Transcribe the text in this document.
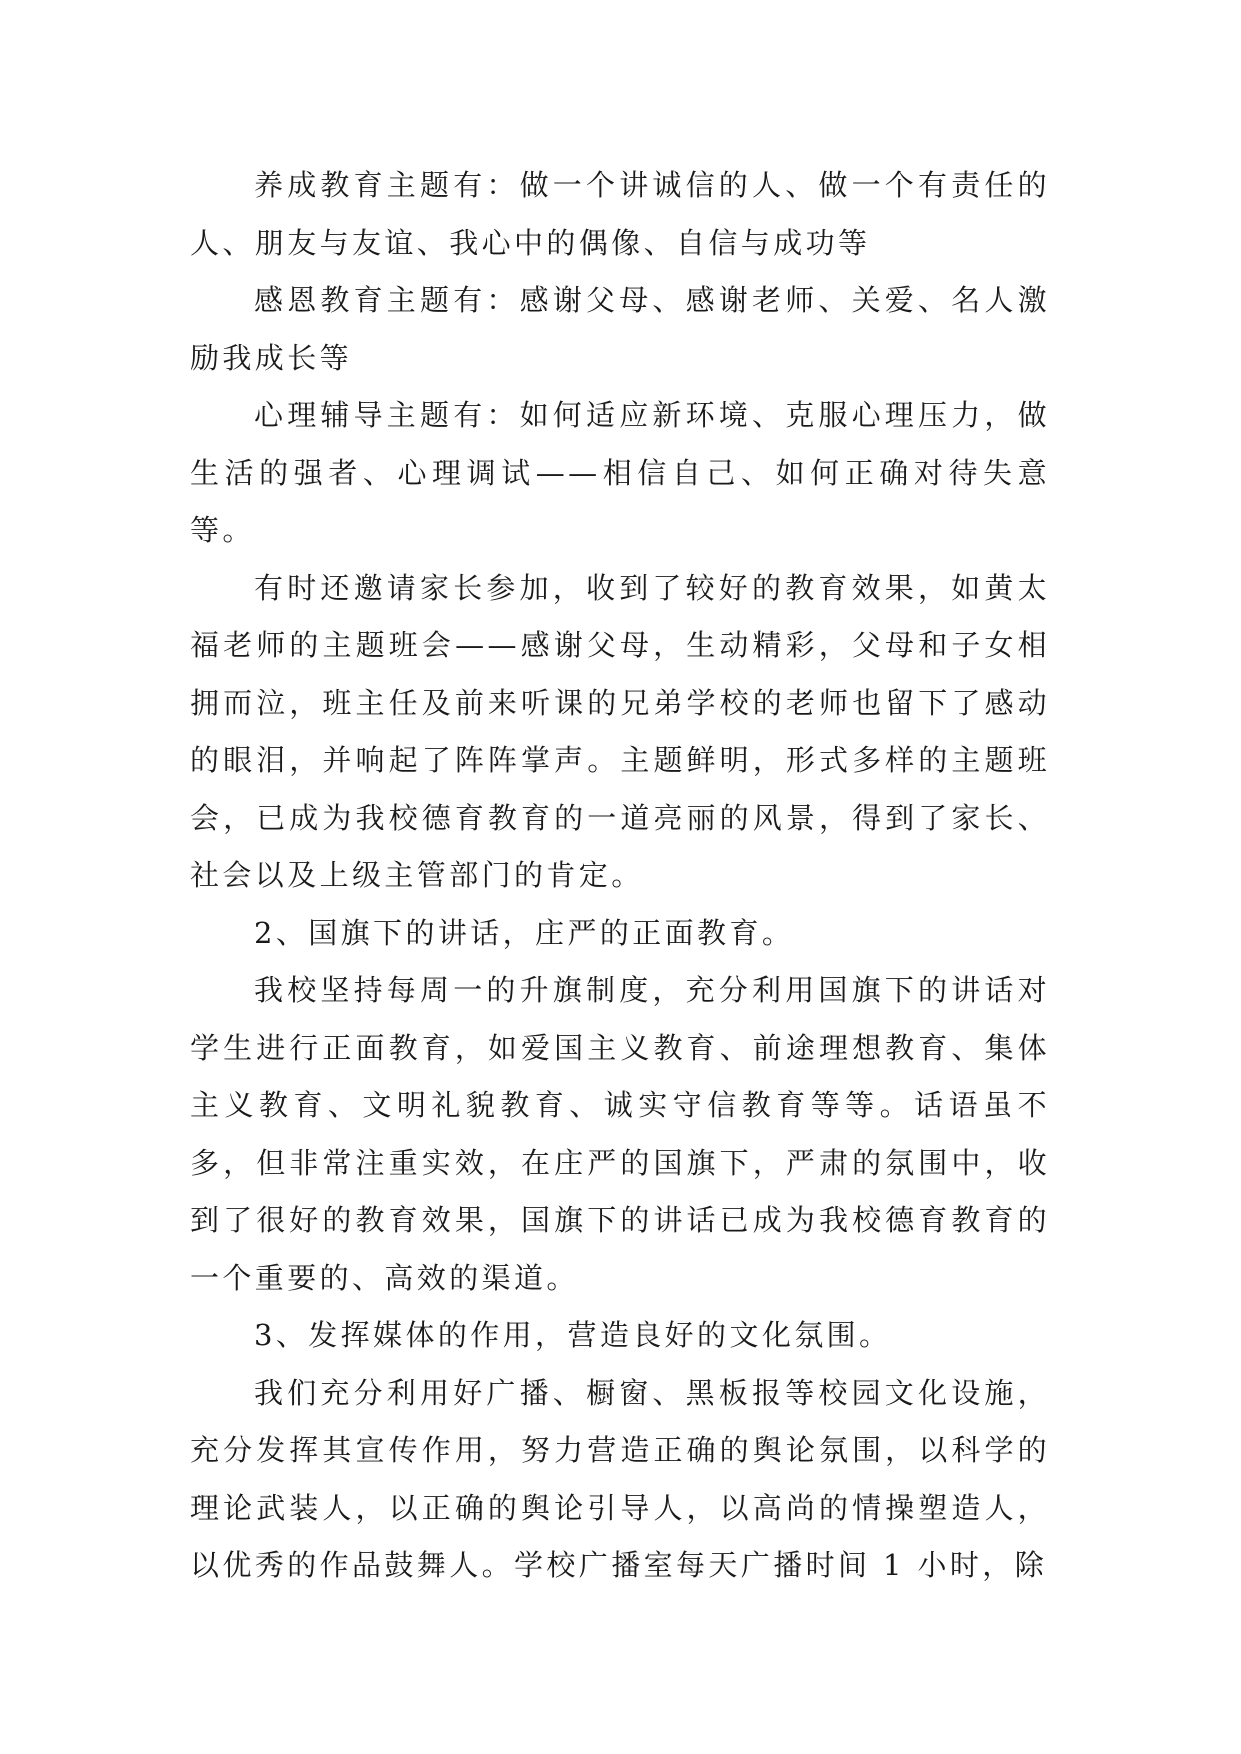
养成教育主题有：做一个讲诚信的人、做一个有责任的人、朋友与友谊、我心中的偶像、自信与成功等

感恩教育主题有：感谢父母、感谢老师、关爱、名人激励我成长等

心理辅导主题有：如何适应新环境、克服心理压力，做生活的强者、心理调试——相信自己、如何正确对待失意等。

有时还邀请家长参加，收到了较好的教育效果，如黄太福老师的主题班会——感谢父母，生动精彩，父母和子女相拥而泣，班主任及前来听课的兄弟学校的老师也留下了感动的眼泪，并响起了阵阵掌声。主题鲜明，形式多样的主题班会，已成为我校德育教育的一道亮丽的风景，得到了家长、社会以及上级主管部门的肯定。

2、国旗下的讲话，庄严的正面教育。

我校坚持每周一的升旗制度，充分利用国旗下的讲话对学生进行正面教育，如爱国主义教育、前途理想教育、集体主义教育、文明礼貌教育、诚实守信教育等等。话语虽不多，但非常注重实效，在庄严的国旗下，严肃的氛围中，收到了很好的教育效果，国旗下的讲话已成为我校德育教育的一个重要的、高效的渠道。

3、发挥媒体的作用，营造良好的文化氛围。

我们充分利用好广播、橱窗、黑板报等校园文化设施，充分发挥其宣传作用，努力营造正确的舆论氛围，以科学的理论武装人，以正确的舆论引导人，以高尚的情操塑造人，以优秀的作品鼓舞人。学校广播室每天广播时间 1 小时，除
